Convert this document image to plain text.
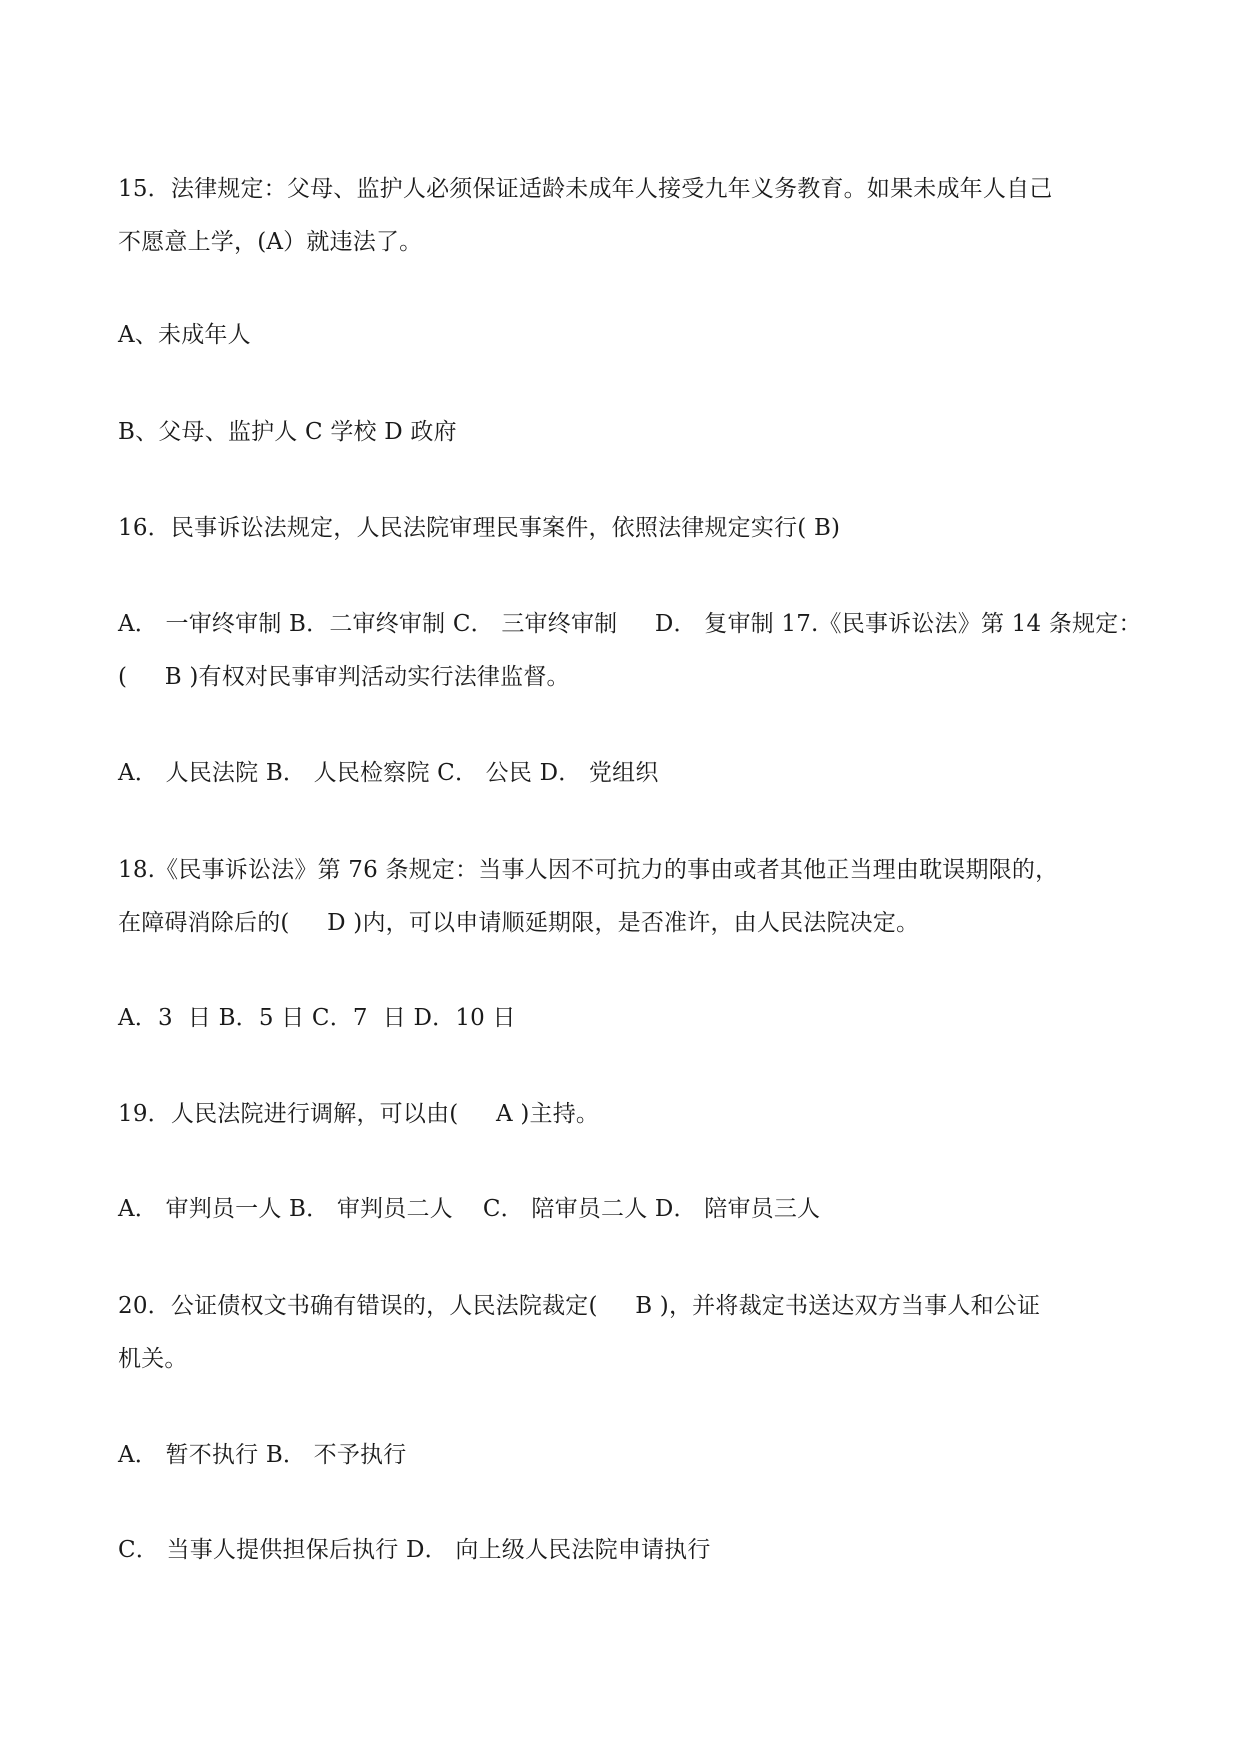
15．法律规定：父母、监护人必须保证适龄未成年人接受九年义务教育。如果未成年人自己
不愿意上学，(A）就违法了。
A、未成年人
B、父母、监护人 C 学校 D 政府
16．民事诉讼法规定，人民法院审理民事案件，依照法律规定实行( B)
A． 一审终审制 B．二审终审制 C． 三审终审制     D． 复审制 17.《民事诉讼法》第 14 条规定：
(     B )有权对民事审判活动实行法律监督。
A． 人民法院 B． 人民检察院 C． 公民 D． 党组织
18.《民事诉讼法》第 76 条规定：当事人因不可抗力的事由或者其他正当理由耽误期限的，
在障碍消除后的(     D )内，可以申请顺延期限，是否准许，由人民法院决定。
A．3  日 B．5 日 C．7  日 D．10 日
19．人民法院进行调解，可以由(     A )主持。
A． 审判员一人 B． 审判员二人    C． 陪审员二人 D． 陪审员三人
20．公证债权文书确有错误的，人民法院裁定(     B )，并将裁定书送达双方当事人和公证
机关。
A． 暂不执行 B． 不予执行
C． 当事人提供担保后执行 D． 向上级人民法院申请执行
